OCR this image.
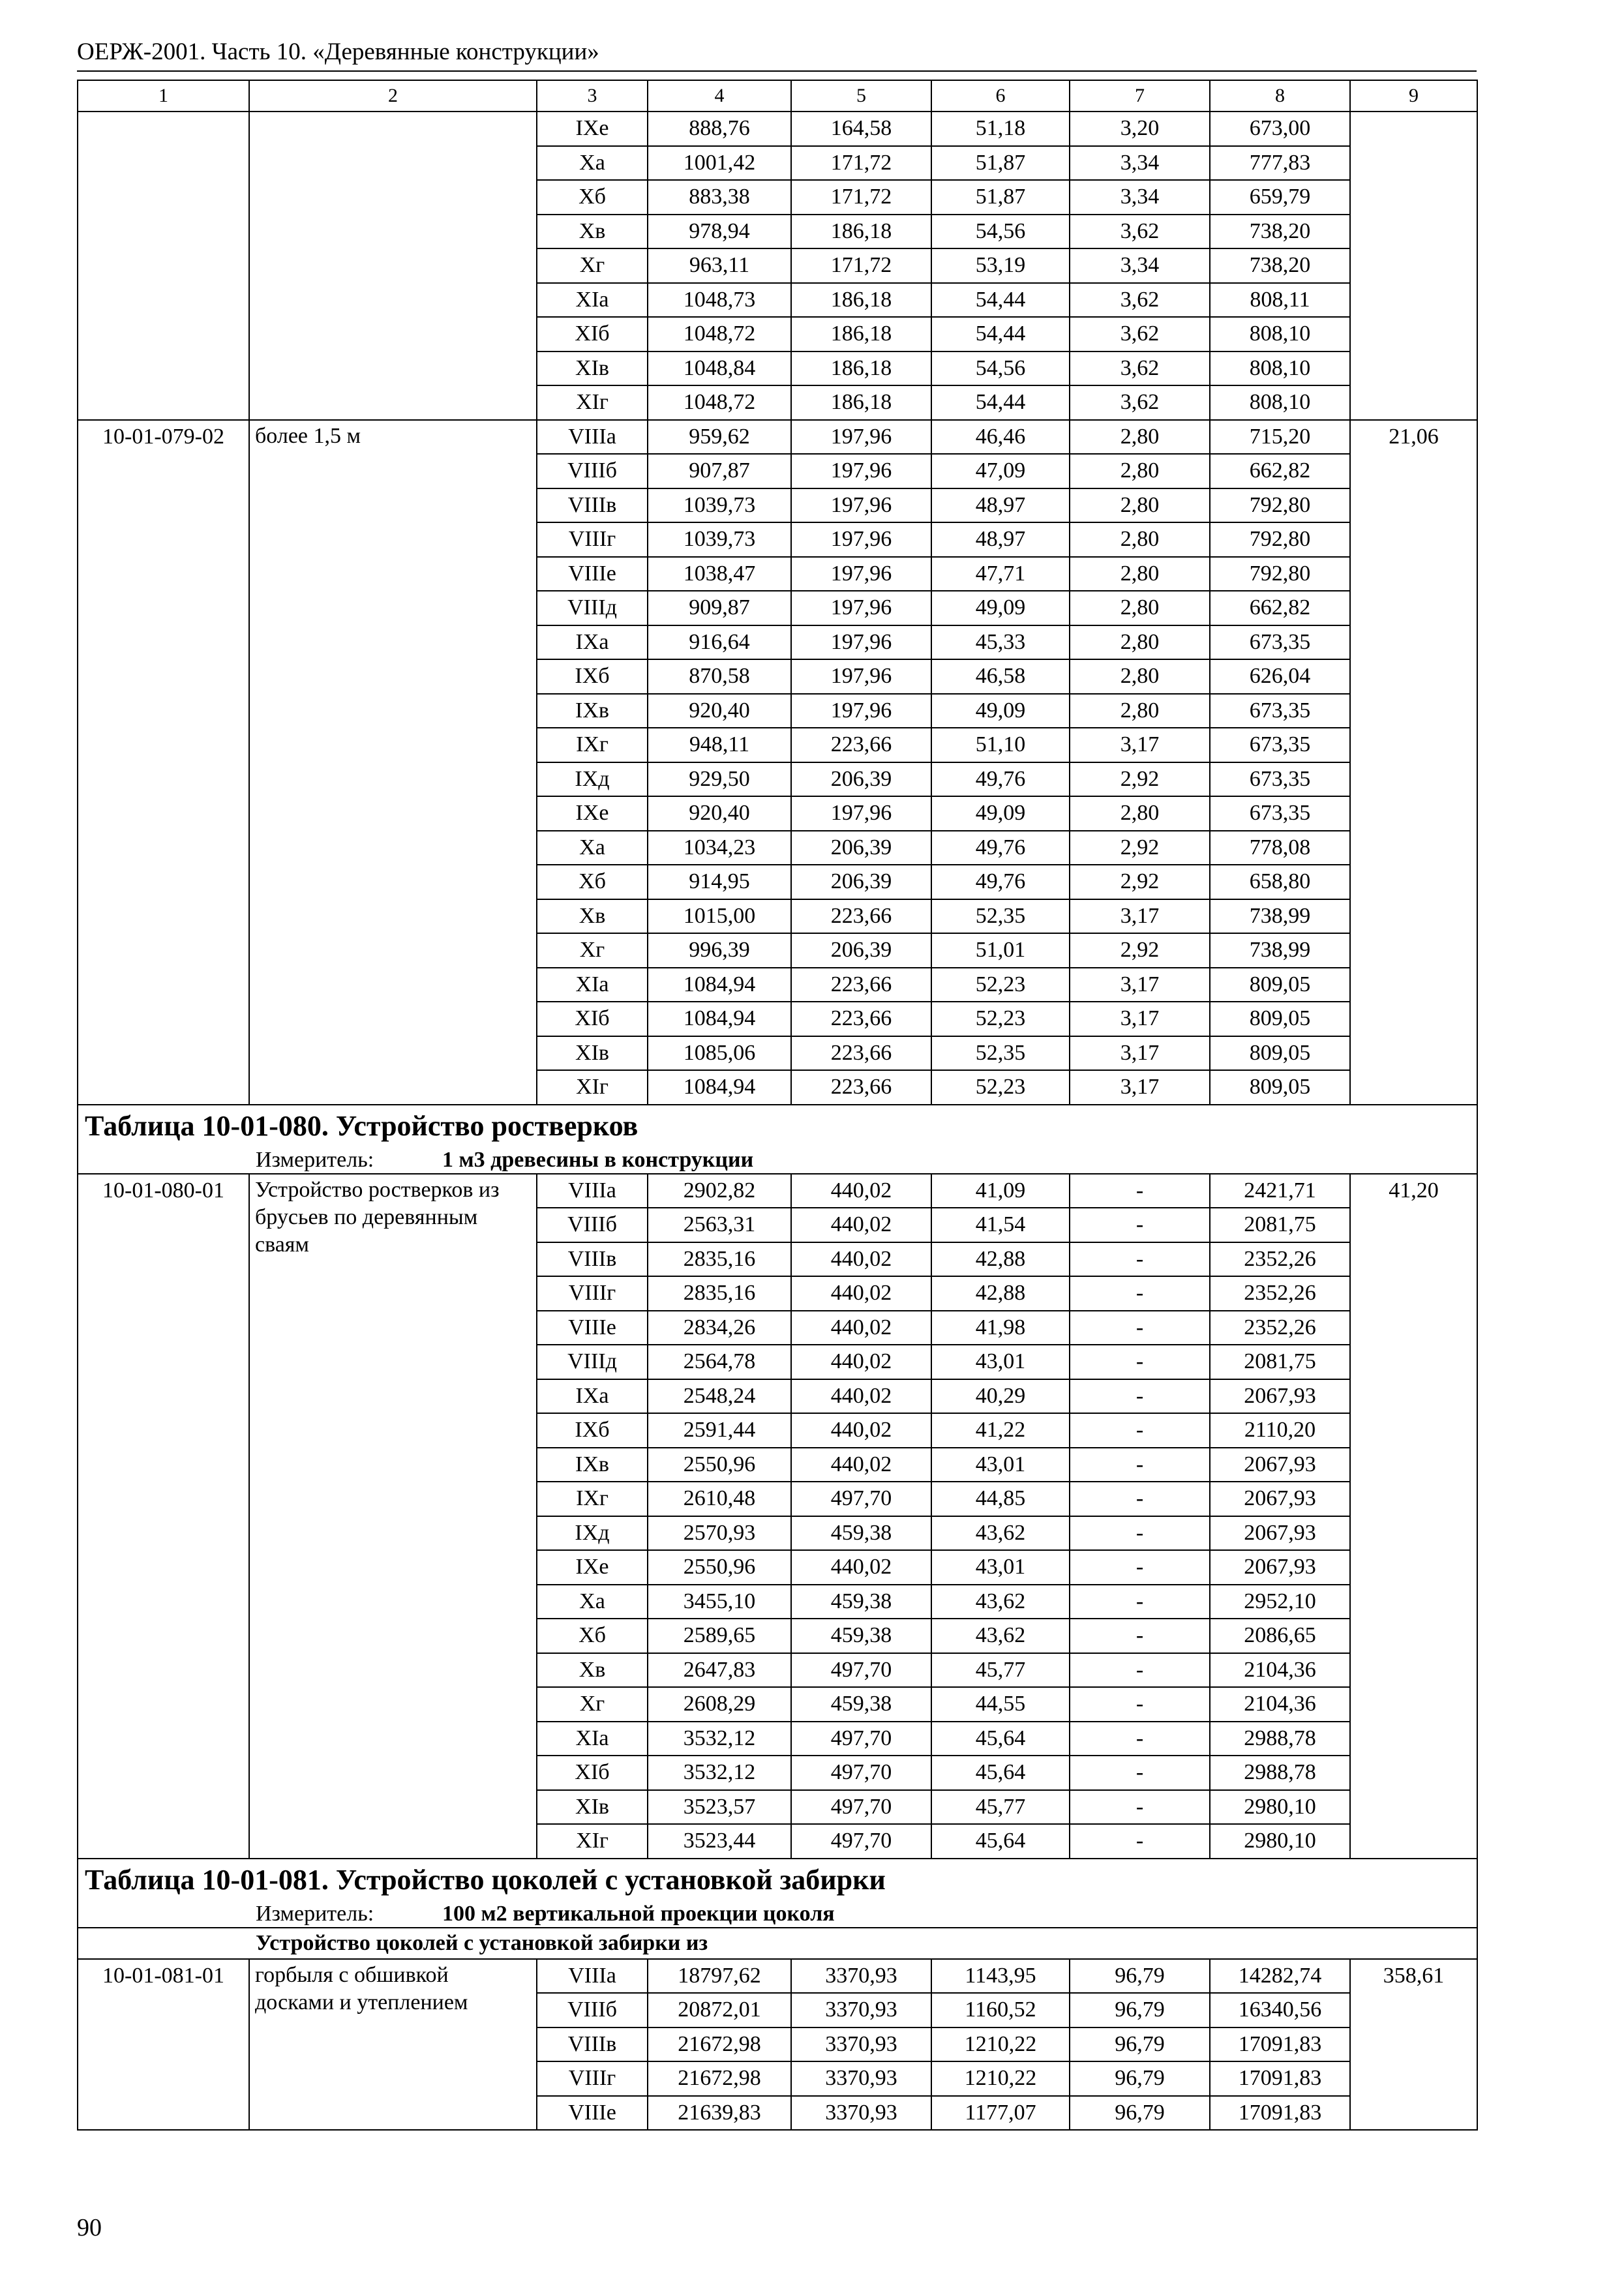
ОЕРЖ-2001. Часть 10. «Деревянные конструкции»
1	2	3	4	5	6	7	8	9
		IXе	888,76	164,58	51,18	3,20	673,00	
		Xа	1001,42	171,72	51,87	3,34	777,83	
		Xб	883,38	171,72	51,87	3,34	659,79	
		Xв	978,94	186,18	54,56	3,62	738,20	
		Xг	963,11	171,72	53,19	3,34	738,20	
		XIа	1048,73	186,18	54,44	3,62	808,11	
		XIб	1048,72	186,18	54,44	3,62	808,10	
		XIв	1048,84	186,18	54,56	3,62	808,10	
		XIг	1048,72	186,18	54,44	3,62	808,10	
10-01-079-02	более 1,5 м	VIIIа	959,62	197,96	46,46	2,80	715,20	21,06
		VIIIб	907,87	197,96	47,09	2,80	662,82	
		VIIIв	1039,73	197,96	48,97	2,80	792,80	
		VIIIг	1039,73	197,96	48,97	2,80	792,80	
		VIIIе	1038,47	197,96	47,71	2,80	792,80	
		VIIIд	909,87	197,96	49,09	2,80	662,82	
		IXа	916,64	197,96	45,33	2,80	673,35	
		IXб	870,58	197,96	46,58	2,80	626,04	
		IXв	920,40	197,96	49,09	2,80	673,35	
		IXг	948,11	223,66	51,10	3,17	673,35	
		IXд	929,50	206,39	49,76	2,92	673,35	
		IXе	920,40	197,96	49,09	2,80	673,35	
		Xа	1034,23	206,39	49,76	2,92	778,08	
		Xб	914,95	206,39	49,76	2,92	658,80	
		Xв	1015,00	223,66	52,35	3,17	738,99	
		Xг	996,39	206,39	51,01	2,92	738,99	
		XIа	1084,94	223,66	52,23	3,17	809,05	
		XIб	1084,94	223,66	52,23	3,17	809,05	
		XIв	1085,06	223,66	52,35	3,17	809,05	
		XIг	1084,94	223,66	52,23	3,17	809,05	
Таблица 10-01-080. Устройство ростверков								
Измеритель: 1 м3 древесины в конструкции								
10-01-080-01	Устройство ростверков из брусьев по деревянным сваям	VIIIа	2902,82	440,02	41,09	-	2421,71	41,20
		VIIIб	2563,31	440,02	41,54	-	2081,75	
		VIIIв	2835,16	440,02	42,88	-	2352,26	
		VIIIг	2835,16	440,02	42,88	-	2352,26	
		VIIIе	2834,26	440,02	41,98	-	2352,26	
		VIIIд	2564,78	440,02	43,01	-	2081,75	
		IXа	2548,24	440,02	40,29	-	2067,93	
		IXб	2591,44	440,02	41,22	-	2110,20	
		IXв	2550,96	440,02	43,01	-	2067,93	
		IXг	2610,48	497,70	44,85	-	2067,93	
		IXд	2570,93	459,38	43,62	-	2067,93	
		IXе	2550,96	440,02	43,01	-	2067,93	
		Xа	3455,10	459,38	43,62	-	2952,10	
		Xб	2589,65	459,38	43,62	-	2086,65	
		Xв	2647,83	497,70	45,77	-	2104,36	
		Xг	2608,29	459,38	44,55	-	2104,36	
		XIа	3532,12	497,70	45,64	-	2988,78	
		XIб	3532,12	497,70	45,64	-	2988,78	
		XIв	3523,57	497,70	45,77	-	2980,10	
		XIг	3523,44	497,70	45,64	-	2980,10	
Таблица 10-01-081. Устройство цоколей с установкой забирки								
Измеритель: 100 м2 вертикальной проекции цоколя								
Устройство цоколей с установкой забирки из								
10-01-081-01	горбыля с обшивкой досками и утеплением	VIIIа	18797,62	3370,93	1143,95	96,79	14282,74	358,61
		VIIIб	20872,01	3370,93	1160,52	96,79	16340,56	
		VIIIв	21672,98	3370,93	1210,22	96,79	17091,83	
		VIIIг	21672,98	3370,93	1210,22	96,79	17091,83	
		VIIIе	21639,83	3370,93	1177,07	96,79	17091,83	
90
